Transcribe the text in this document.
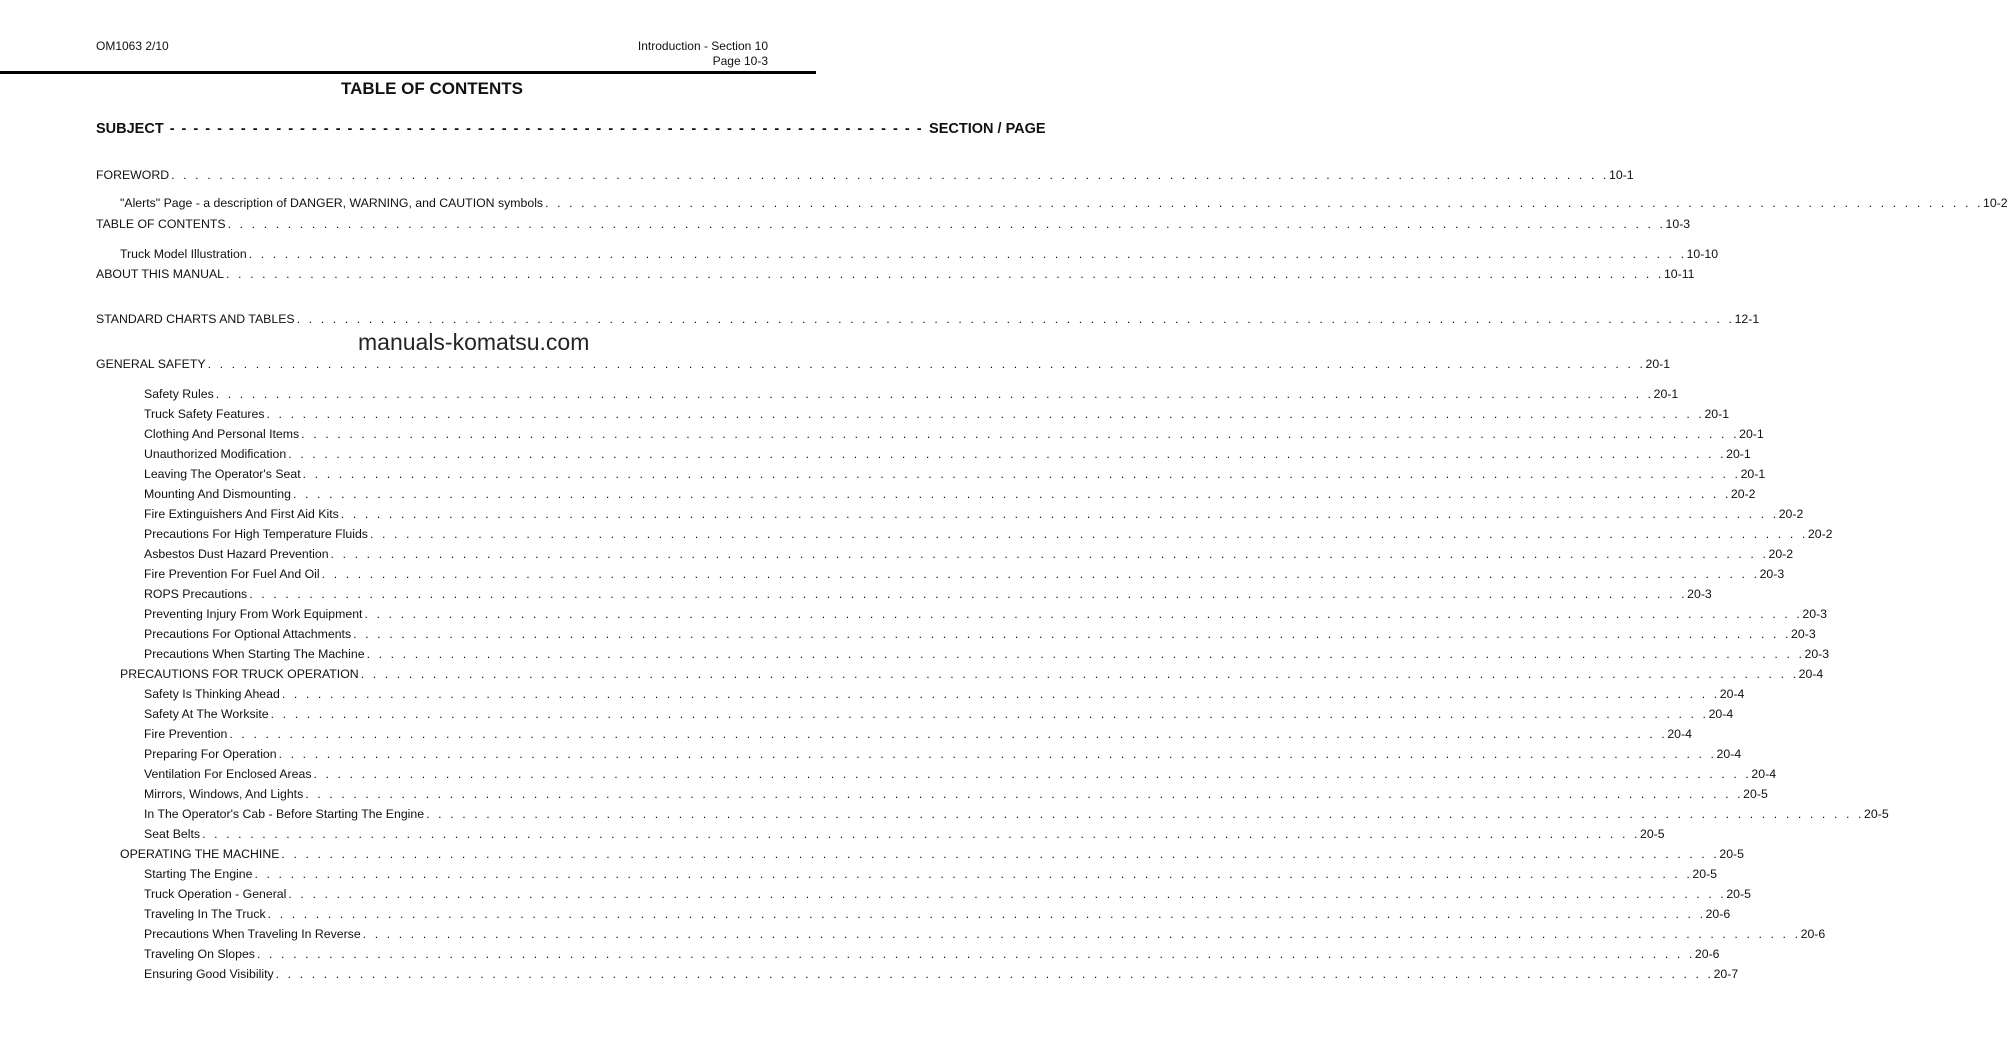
OM1063 2/10	Introduction - Section 10
Page 10-3
TABLE OF CONTENTS
SUBJECT - - - - - - - - - - - - - - - - - - - - - - - - - - - - - - - - - - - - - - - - - - - - - - - - - - - - - - - - - - - - - - - - SECTION / PAGE
FOREWORD . . . . . . . . . . . . . . . . . . . . . . . . . . . . . . . . . . . . . . . . . . . . . . . . . . . . . . . . . . . . . . . . . . . . . . . . . . . . . . . . . . . . . . . . . . . . . . . . . . . . . . . . . . . . . . . . . . . . . . . . 10-1
"Alerts" Page - a description of DANGER, WARNING, and CAUTION symbols . . . . . . . . . . . . . . . . . . . . . . . . . . . . . . . . . . . . . . . . . . . . . . . . . . . . . . . . . . . . . . . . . . . . . . . . . . . . . . . . . . . . . . . . . . . . . . . . . . . . . . . . . . . . . . . . . . . . . . . . 10-2
TABLE OF CONTENTS . . . . . . . . . . . . . . . . . . . . . . . . . . . . . . . . . . . . . . . . . . . . . . . . . . . . . . . . . . . . . . . . . . . . . . . . . . . . . . . . . . . . . . . . . . . . . . . . . . . . . . . . . . . . . . . . . . . . . . . . 10-3
Truck Model Illustration . . . . . . . . . . . . . . . . . . . . . . . . . . . . . . . . . . . . . . . . . . . . . . . . . . . . . . . . . . . . . . . . . . . . . . . . . . . . . . . . . . . . . . . . . . . . . . . . . . . . . . . . . . . . . . . . . . . . . . . . 10-10
ABOUT THIS MANUAL . . . . . . . . . . . . . . . . . . . . . . . . . . . . . . . . . . . . . . . . . . . . . . . . . . . . . . . . . . . . . . . . . . . . . . . . . . . . . . . . . . . . . . . . . . . . . . . . . . . . . . . . . . . . . . . . . . . . . . . . 10-11
STANDARD CHARTS AND TABLES . . . . . . . . . . . . . . . . . . . . . . . . . . . . . . . . . . . . . . . . . . . . . . . . . . . . . . . . . . . . . . . . . . . . . . . . . . . . . . . . . . . . . . . . . . . . . . . . . . . . . . . . . . . . . . . . . . . . . . . . 12-1
GENERAL SAFETY . . . . . . . . . . . . . . . . . . . . . . . . . . . . . . . . . . . . . . . . . . . . . . . . . . . . . . . . . . . . . . . . . . . . . . . . . . . . . . . . . . . . . . . . . . . . . . . . . . . . . . . . . . . . . . . . . . . . . . . . 20-1
Safety Rules . . . . . . . . . . . . . . . . . . . . . . . . . . . . . . . . . . . . . . . . . . . . . . . . . . . . . . . . . . . . . . . . . . . . . . . . . . . . . . . . . . . . . . . . . . . . . . . . . . . . . . . . . . . . . . . . . . . . . . . . 20-1
Truck Safety Features . . . . . . . . . . . . . . . . . . . . . . . . . . . . . . . . . . . . . . . . . . . . . . . . . . . . . . . . . . . . . . . . . . . . . . . . . . . . . . . . . . . . . . . . . . . . . . . . . . . . . . . . . . . . . . . . . . . . . . . . 20-1
Clothing And Personal Items . . . . . . . . . . . . . . . . . . . . . . . . . . . . . . . . . . . . . . . . . . . . . . . . . . . . . . . . . . . . . . . . . . . . . . . . . . . . . . . . . . . . . . . . . . . . . . . . . . . . . . . . . . . . . . . . . . . . . . . . 20-1
Unauthorized Modification . . . . . . . . . . . . . . . . . . . . . . . . . . . . . . . . . . . . . . . . . . . . . . . . . . . . . . . . . . . . . . . . . . . . . . . . . . . . . . . . . . . . . . . . . . . . . . . . . . . . . . . . . . . . . . . . . . . . . . . . 20-1
Leaving The Operator's Seat . . . . . . . . . . . . . . . . . . . . . . . . . . . . . . . . . . . . . . . . . . . . . . . . . . . . . . . . . . . . . . . . . . . . . . . . . . . . . . . . . . . . . . . . . . . . . . . . . . . . . . . . . . . . . . . . . . . . . . . . 20-1
Mounting And Dismounting . . . . . . . . . . . . . . . . . . . . . . . . . . . . . . . . . . . . . . . . . . . . . . . . . . . . . . . . . . . . . . . . . . . . . . . . . . . . . . . . . . . . . . . . . . . . . . . . . . . . . . . . . . . . . . . . . . . . . . . . 20-2
Fire Extinguishers And First Aid Kits . . . . . . . . . . . . . . . . . . . . . . . . . . . . . . . . . . . . . . . . . . . . . . . . . . . . . . . . . . . . . . . . . . . . . . . . . . . . . . . . . . . . . . . . . . . . . . . . . . . . . . . . . . . . . . . . . . . . . . . . 20-2
Precautions For High Temperature Fluids . . . . . . . . . . . . . . . . . . . . . . . . . . . . . . . . . . . . . . . . . . . . . . . . . . . . . . . . . . . . . . . . . . . . . . . . . . . . . . . . . . . . . . . . . . . . . . . . . . . . . . . . . . . . . . . . . . . . . . . . 20-2
Asbestos Dust Hazard Prevention . . . . . . . . . . . . . . . . . . . . . . . . . . . . . . . . . . . . . . . . . . . . . . . . . . . . . . . . . . . . . . . . . . . . . . . . . . . . . . . . . . . . . . . . . . . . . . . . . . . . . . . . . . . . . . . . . . . . . . . . 20-2
Fire Prevention For Fuel And Oil . . . . . . . . . . . . . . . . . . . . . . . . . . . . . . . . . . . . . . . . . . . . . . . . . . . . . . . . . . . . . . . . . . . . . . . . . . . . . . . . . . . . . . . . . . . . . . . . . . . . . . . . . . . . . . . . . . . . . . . . 20-3
ROPS Precautions . . . . . . . . . . . . . . . . . . . . . . . . . . . . . . . . . . . . . . . . . . . . . . . . . . . . . . . . . . . . . . . . . . . . . . . . . . . . . . . . . . . . . . . . . . . . . . . . . . . . . . . . . . . . . . . . . . . . . . . . 20-3
Preventing Injury From Work Equipment . . . . . . . . . . . . . . . . . . . . . . . . . . . . . . . . . . . . . . . . . . . . . . . . . . . . . . . . . . . . . . . . . . . . . . . . . . . . . . . . . . . . . . . . . . . . . . . . . . . . . . . . . . . . . . . . . . . . . . . . 20-3
Precautions For Optional Attachments . . . . . . . . . . . . . . . . . . . . . . . . . . . . . . . . . . . . . . . . . . . . . . . . . . . . . . . . . . . . . . . . . . . . . . . . . . . . . . . . . . . . . . . . . . . . . . . . . . . . . . . . . . . . . . . . . . . . . . . . 20-3
Precautions When Starting The Machine . . . . . . . . . . . . . . . . . . . . . . . . . . . . . . . . . . . . . . . . . . . . . . . . . . . . . . . . . . . . . . . . . . . . . . . . . . . . . . . . . . . . . . . . . . . . . . . . . . . . . . . . . . . . . . . . . . . . . . . . 20-3
PRECAUTIONS FOR TRUCK OPERATION . . . . . . . . . . . . . . . . . . . . . . . . . . . . . . . . . . . . . . . . . . . . . . . . . . . . . . . . . . . . . . . . . . . . . . . . . . . . . . . . . . . . . . . . . . . . . . . . . . . . . . . . . . . . . . . . . . . . . . . . 20-4
Safety Is Thinking Ahead . . . . . . . . . . . . . . . . . . . . . . . . . . . . . . . . . . . . . . . . . . . . . . . . . . . . . . . . . . . . . . . . . . . . . . . . . . . . . . . . . . . . . . . . . . . . . . . . . . . . . . . . . . . . . . . . . . . . . . . . 20-4
Safety At The Worksite . . . . . . . . . . . . . . . . . . . . . . . . . . . . . . . . . . . . . . . . . . . . . . . . . . . . . . . . . . . . . . . . . . . . . . . . . . . . . . . . . . . . . . . . . . . . . . . . . . . . . . . . . . . . . . . . . . . . . . . . 20-4
Fire Prevention . . . . . . . . . . . . . . . . . . . . . . . . . . . . . . . . . . . . . . . . . . . . . . . . . . . . . . . . . . . . . . . . . . . . . . . . . . . . . . . . . . . . . . . . . . . . . . . . . . . . . . . . . . . . . . . . . . . . . . . . 20-4
Preparing For Operation . . . . . . . . . . . . . . . . . . . . . . . . . . . . . . . . . . . . . . . . . . . . . . . . . . . . . . . . . . . . . . . . . . . . . . . . . . . . . . . . . . . . . . . . . . . . . . . . . . . . . . . . . . . . . . . . . . . . . . . . 20-4
Ventilation For Enclosed Areas . . . . . . . . . . . . . . . . . . . . . . . . . . . . . . . . . . . . . . . . . . . . . . . . . . . . . . . . . . . . . . . . . . . . . . . . . . . . . . . . . . . . . . . . . . . . . . . . . . . . . . . . . . . . . . . . . . . . . . . . 20-4
Mirrors, Windows, And Lights . . . . . . . . . . . . . . . . . . . . . . . . . . . . . . . . . . . . . . . . . . . . . . . . . . . . . . . . . . . . . . . . . . . . . . . . . . . . . . . . . . . . . . . . . . . . . . . . . . . . . . . . . . . . . . . . . . . . . . . . 20-5
In The Operator's Cab - Before Starting The Engine . . . . . . . . . . . . . . . . . . . . . . . . . . . . . . . . . . . . . . . . . . . . . . . . . . . . . . . . . . . . . . . . . . . . . . . . . . . . . . . . . . . . . . . . . . . . . . . . . . . . . . . . . . . . . . . . . . . . . . . . 20-5
Seat Belts . . . . . . . . . . . . . . . . . . . . . . . . . . . . . . . . . . . . . . . . . . . . . . . . . . . . . . . . . . . . . . . . . . . . . . . . . . . . . . . . . . . . . . . . . . . . . . . . . . . . . . . . . . . . . . . . . . . . . . . . 20-5
OPERATING THE MACHINE . . . . . . . . . . . . . . . . . . . . . . . . . . . . . . . . . . . . . . . . . . . . . . . . . . . . . . . . . . . . . . . . . . . . . . . . . . . . . . . . . . . . . . . . . . . . . . . . . . . . . . . . . . . . . . . . . . . . . . . . 20-5
Starting The Engine . . . . . . . . . . . . . . . . . . . . . . . . . . . . . . . . . . . . . . . . . . . . . . . . . . . . . . . . . . . . . . . . . . . . . . . . . . . . . . . . . . . . . . . . . . . . . . . . . . . . . . . . . . . . . . . . . . . . . . . . 20-5
Truck Operation - General . . . . . . . . . . . . . . . . . . . . . . . . . . . . . . . . . . . . . . . . . . . . . . . . . . . . . . . . . . . . . . . . . . . . . . . . . . . . . . . . . . . . . . . . . . . . . . . . . . . . . . . . . . . . . . . . . . . . . . . . 20-5
Traveling In The Truck . . . . . . . . . . . . . . . . . . . . . . . . . . . . . . . . . . . . . . . . . . . . . . . . . . . . . . . . . . . . . . . . . . . . . . . . . . . . . . . . . . . . . . . . . . . . . . . . . . . . . . . . . . . . . . . . . . . . . . . . 20-6
Precautions When Traveling In Reverse . . . . . . . . . . . . . . . . . . . . . . . . . . . . . . . . . . . . . . . . . . . . . . . . . . . . . . . . . . . . . . . . . . . . . . . . . . . . . . . . . . . . . . . . . . . . . . . . . . . . . . . . . . . . . . . . . . . . . . . . 20-6
Traveling On Slopes . . . . . . . . . . . . . . . . . . . . . . . . . . . . . . . . . . . . . . . . . . . . . . . . . . . . . . . . . . . . . . . . . . . . . . . . . . . . . . . . . . . . . . . . . . . . . . . . . . . . . . . . . . . . . . . . . . . . . . . . 20-6
Ensuring Good Visibility . . . . . . . . . . . . . . . . . . . . . . . . . . . . . . . . . . . . . . . . . . . . . . . . . . . . . . . . . . . . . . . . . . . . . . . . . . . . . . . . . . . . . . . . . . . . . . . . . . . . . . . . . . . . . . . . . . . . . . . . 20-7
manuals-komatsu.com
